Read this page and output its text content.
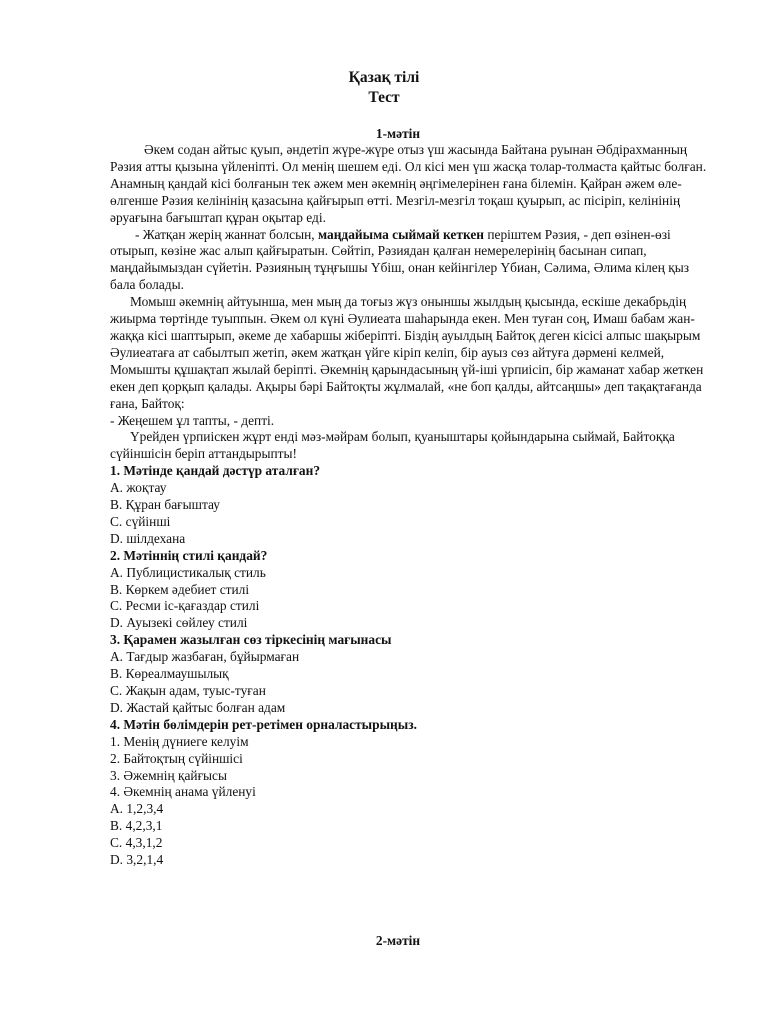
Қазақ тілі
Тест
1-мәтін

Әкем содан айтыс қуып, әндетіп жүре-жүре отыз үш жасында Байтана руынан Әбдірахманның Рәзия атты қызына үйленіпті. Ол менің шешем еді. Ол кісі мен үш жасқа толар-толмаста қайтыс болған. Анамның қандай кісі болғанын тек әжем мен әкемнің әңгімелерінен ғана білемін. Қайран әжем өле-өлгенше Рәзия келінінің қазасына қайғырып өтті. Мезгіл-мезгіл тоқаш қуырып, ас пісіріп, келінінің әруағына бағыштап құран оқытар еді.

- Жатқан жерің жаннат болсын, маңдайыма сыймай кеткен періштем Рәзия, - деп өзінен-өзі отырып, көзіне жас алып қайғыратын. Сөйтіп, Рәзиядан қалған немерелерінің басынан сипап, маңдайымыздан сүйетін. Рәзияның тұңғышы Үбіш, онан кейінгілер Үбиан, Сәлима, Әлима кілең қыз бала болады.

Момыш әкемнің айтуынша, мен мың да тоғыз жүз оныншы жылдың қысында, ескіше декабрьдің жиырма төртінде туыппын. Әкем ол күні Әулиеата шаһарында екен. Мен туған соң, Имаш бабам жан-жаққа кісі шаптырып, әкеме де хабаршы жіберіпті. Біздің ауылдың Байтоқ деген кісісі алпыс шақырым Әулиеатаға ат сабылтып жетіп, әкем жатқан үйге кіріп келіп, бір ауыз сөз айтуға дәрмені келмей, Момышты құшақтап жылай беріпті. Әкемнің қарындасының үй-іші үрпиісіп, бір жаманат хабар жеткен екен деп қорқып қалады. Ақыры бәрі Байтоқты жұлмалай, «не боп қалды, айтсаңшы» деп тақақтағанда ғана, Байтоқ:

- Жеңешем ұл тапты, - депті.

Үрейден үрпиіскен жұрт енді мәз-мәйрам болып, қуаныштары қойындарына сыймай, Байтоққа сүйіншісін беріп аттандырыпты!

1. Мәтінде қандай дәстүр аталған?

A. жоқтау

B. Құран бағыштау

C. сүйінші

D. шілдехана

2. Мәтіннің стилі қандай?

A. Публицистикалық стиль

B. Көркем әдебиет стилі

C. Ресми іс-қағаздар стилі

D. Ауызекі сөйлеу стилі

3. Қарамен жазылған сөз тіркесінің мағынасы

A. Тағдыр жазбаған, бұйырмаған

B. Көреалмаушылық

C. Жақын адам, туыс-туған

D. Жастай қайтыс болған адам

4. Мәтін бөлімдерін рет-ретімен орналастырыңыз.

1. Менің дүниеге келуім

2. Байтоқтың сүйіншісі

3. Әжемнің қайғысы

4. Әкемнің анама үйленуі

A. 1,2,3,4

B. 4,2,3,1

C. 4,3,1,2

D. 3,2,1,4

2-мәтін
